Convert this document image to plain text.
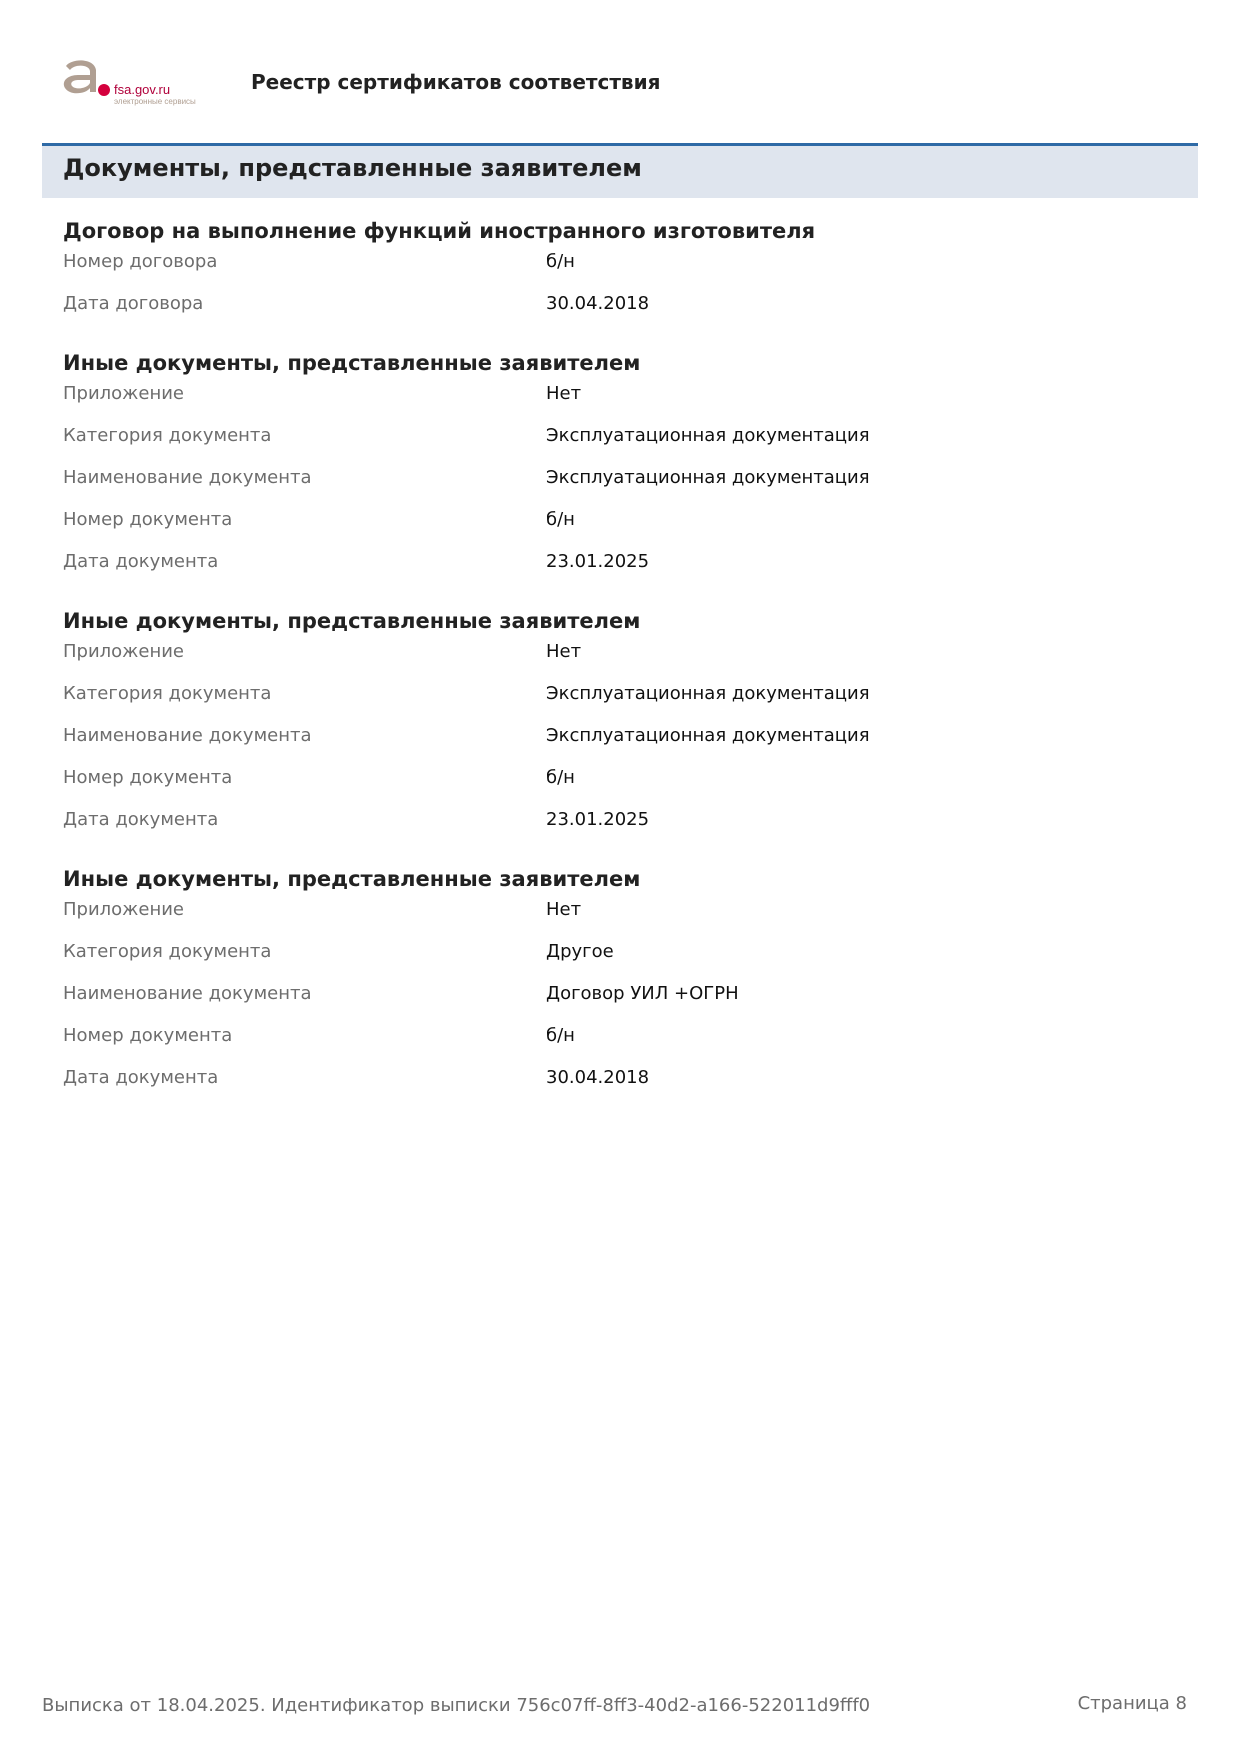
fsa.gov.ru
электронные сервисы
Реестр сертификатов соответствия
Документы, представленные заявителем
Договор на выполнение функций иностранного изготовителя
Номер договора	б/н
Дата договора	30.04.2018
Иные документы, представленные заявителем
Приложение	Нет
Категория документа	Эксплуатационная документация
Наименование документа	Эксплуатационная документация
Номер документа	б/н
Дата документа	23.01.2025
Иные документы, представленные заявителем
Приложение	Нет
Категория документа	Эксплуатационная документация
Наименование документа	Эксплуатационная документация
Номер документа	б/н
Дата документа	23.01.2025
Иные документы, представленные заявителем
Приложение	Нет
Категория документа	Другое
Наименование документа	Договор УИЛ +ОГРН
Номер документа	б/н
Дата документа	30.04.2018
Выписка от 18.04.2025. Идентификатор выписки 756c07ff-8ff3-40d2-a166-522011d9fff0	Страница 8
